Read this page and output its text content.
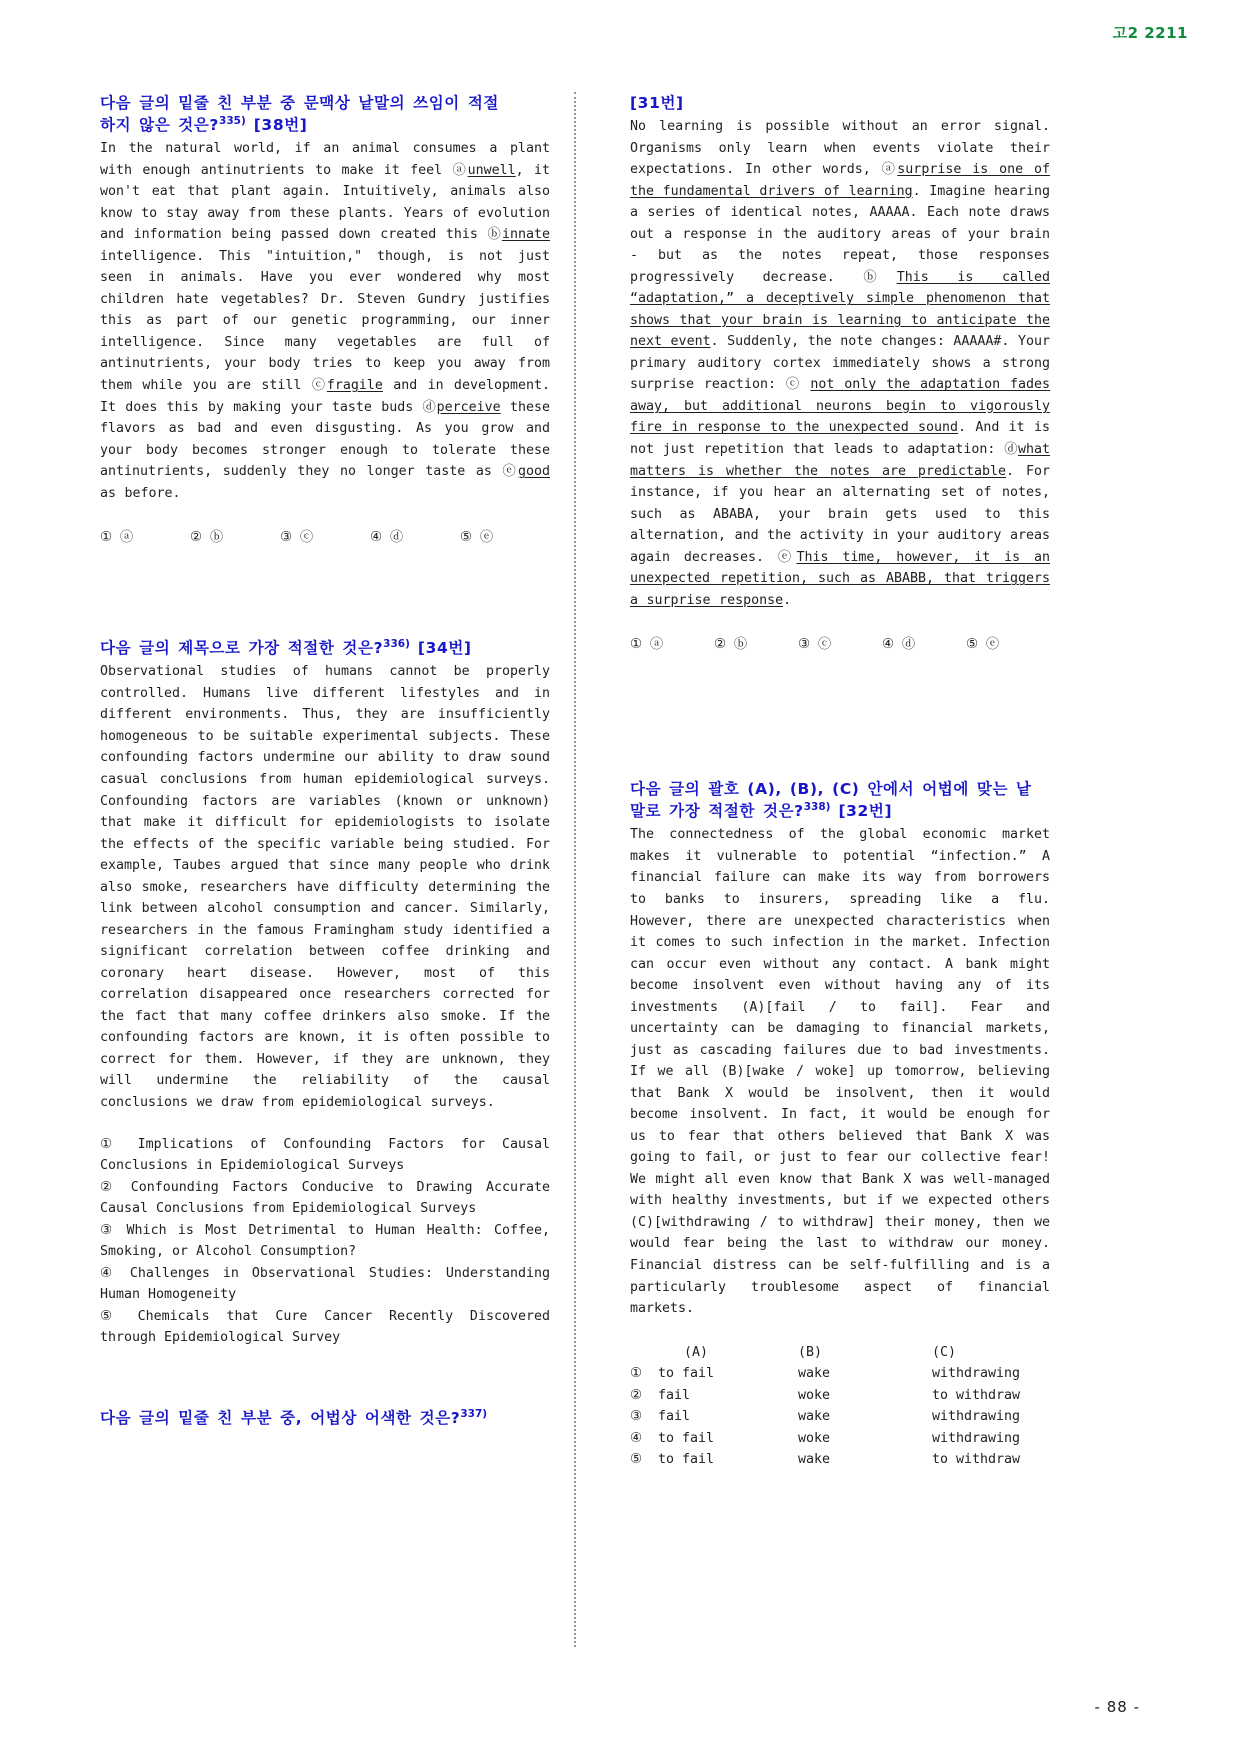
고2 2211
다음 글의 밑줄 친 부분 중 문맥상 낱말의 쓰임이 적절
하지 않은 것은?$^{335)}$ [38번]

In the natural world, if an animal consumes a plant with enough antinutrients to make it feel ⓐunwell, it won't eat that plant again. Intuitively, animals also know to stay away from these plants. Years of evolution and information being passed down created this ⓑinnate intelligence. This "intuition," though, is not just seen in animals. Have you ever wondered why most children hate vegetables? Dr. Steven Gundry justifies this as part of our genetic programming, our inner intelligence. Since many vegetables are full of antinutrients, your body tries to keep you away from them while you are still ⓒfragile and in development. It does this by making your taste buds ⓓperceive these flavors as bad and even disgusting. As you grow and your body becomes stronger enough to tolerate these antinutrients, suddenly they no longer taste as ⓔgood as before.

① ⓐ	② ⓑ	③ ⓒ	④ ⓓ	⑤ ⓔ
다음 글의 제목으로 가장 적절한 것은?$^{336)}$ [34번]

Observational studies of humans cannot be properly controlled. Humans live different lifestyles and in different environments. Thus, they are insufficiently homogeneous to be suitable experimental subjects. These confounding factors undermine our ability to draw sound casual conclusions from human epidemiological surveys. Confounding factors are variables (known or unknown) that make it difficult for epidemiologists to isolate the effects of the specific variable being studied. For example, Taubes argued that since many people who drink also smoke, researchers have difficulty determining the link between alcohol consumption and cancer. Similarly, researchers in the famous Framingham study identified a significant correlation between coffee drinking and coronary heart disease. However, most of this correlation disappeared once researchers corrected for the fact that many coffee drinkers also smoke. If the confounding factors are known, it is often possible to correct for them. However, if they are unknown, they will undermine the reliability of the causal conclusions we draw from epidemiological surveys.

① Implications of Confounding Factors for Causal Conclusions in Epidemiological Surveys

② Confounding Factors Conducive to Drawing Accurate Causal Conclusions from Epidemiological Surveys

③ Which is Most Detrimental to Human Health: Coffee, Smoking, or Alcohol Consumption?

④ Challenges in Observational Studies: Understanding Human Homogeneity

⑤ Chemicals that Cure Cancer Recently Discovered through Epidemiological Survey

다음 글의 밑줄 친 부분 중, 어법상 어색한 것은?$^{337)}$
[31번]

No learning is possible without an error signal. Organisms only learn when events violate their expectations. In other words, ⓐsurprise is one of the fundamental drivers of learning. Imagine hearing a series of identical notes, AAAAA. Each note draws out a response in the auditory areas of your brain - but as the notes repeat, those responses progressively decrease. ⓑThis is called “adaptation,” a deceptively simple phenomenon that shows that your brain is learning to anticipate the next event. Suddenly, the note changes: AAAAA#. Your primary auditory cortex immediately shows a strong surprise reaction: ⓒ not only the adaptation fades away, but additional neurons begin to vigorously fire in response to the unexpected sound. And it is not just repetition that leads to adaptation: ⓓwhat matters is whether the notes are predictable. For instance, if you hear an alternating set of notes, such as ABABA, your brain gets used to this alternation, and the activity in your auditory areas again decreases. ⓔThis time, however, it is an unexpected repetition, such as ABABB, that triggers a surprise response.

① ⓐ	② ⓑ	③ ⓒ	④ ⓓ	⑤ ⓔ
다음 글의 괄호 (A), (B), (C) 안에서 어법에 맞는 낱
말로 가장 적절한 것은?$^{338)}$ [32번]

The connectedness of the global economic market makes it vulnerable to potential “infection.” A financial failure can make its way from borrowers to banks to insurers, spreading like a flu. However, there are unexpected characteristics when it comes to such infection in the market. Infection can occur even without any contact. A bank might become insolvent even without having any of its investments (A)[fail / to fail]. Fear and uncertainty can be damaging to financial markets, just as cascading failures due to bad investments. If we all (B)[wake / woke] up tomorrow, believing that Bank X would be insolvent, then it would become insolvent. In fact, it would be enough for us to fear that others believed that Bank X was going to fail, or just to fear our collective fear! We might all even know that Bank X was well-managed with healthy investments, but if we expected others (C)[withdrawing / to withdraw] their money, then we would fear being the last to withdraw our money. Financial distress can be self-fulfilling and is a particularly troublesome aspect of financial markets.

(A)	(B)	(C)
①	to fail	wake	withdrawing
②	fail	woke	to withdraw
③	fail	wake	withdrawing
④	to fail	woke	withdrawing
⑤	to fail	wake	to withdraw
- 88 -
